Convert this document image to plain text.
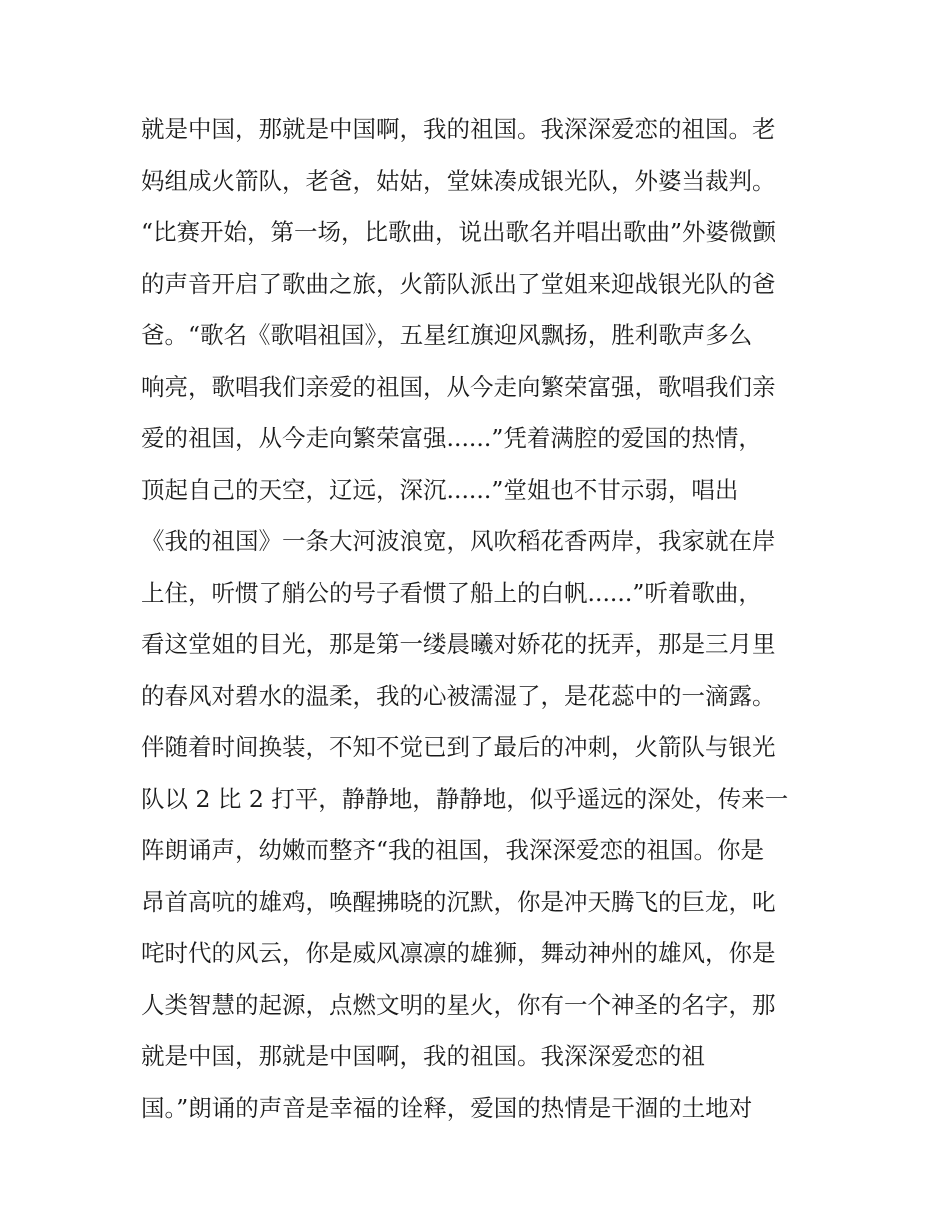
就是中国，那就是中国啊，我的祖国。我深深爱恋的祖国。老
妈组成火箭队，老爸，姑姑，堂妹凑成银光队，外婆当裁判。
“比赛开始，第一场，比歌曲，说出歌名并唱出歌曲”外婆微颤
的声音开启了歌曲之旅，火箭队派出了堂姐来迎战银光队的爸
爸。“歌名《歌唱祖国》，五星红旗迎风飘扬，胜利歌声多么
响亮，歌唱我们亲爱的祖国，从今走向繁荣富强，歌唱我们亲
爱的祖国，从今走向繁荣富强......”凭着满腔的爱国的热情，
顶起自己的天空，辽远，深沉......”堂姐也不甘示弱，唱出
《我的祖国》一条大河波浪宽，风吹稻花香两岸，我家就在岸
上住，听惯了艄公的号子看惯了船上的白帆......”听着歌曲，
看这堂姐的目光，那是第一缕晨曦对娇花的抚弄，那是三月里
的春风对碧水的温柔，我的心被濡湿了，是花蕊中的一滴露。
伴随着时间换装，不知不觉已到了最后的冲刺，火箭队与银光
队以 2 比 2 打平，静静地，静静地，似乎遥远的深处，传来一
阵朗诵声，幼嫩而整齐“我的祖国，我深深爱恋的祖国。你是
昂首高吭的雄鸡，唤醒拂晓的沉默，你是冲天腾飞的巨龙，叱
咤时代的风云，你是威风凛凛的雄狮，舞动神州的雄风，你是
人类智慧的起源，点燃文明的星火，你有一个神圣的名字，那
就是中国，那就是中国啊，我的祖国。我深深爱恋的祖
国。”朗诵的声音是幸福的诠释，爱国的热情是干涸的土地对
